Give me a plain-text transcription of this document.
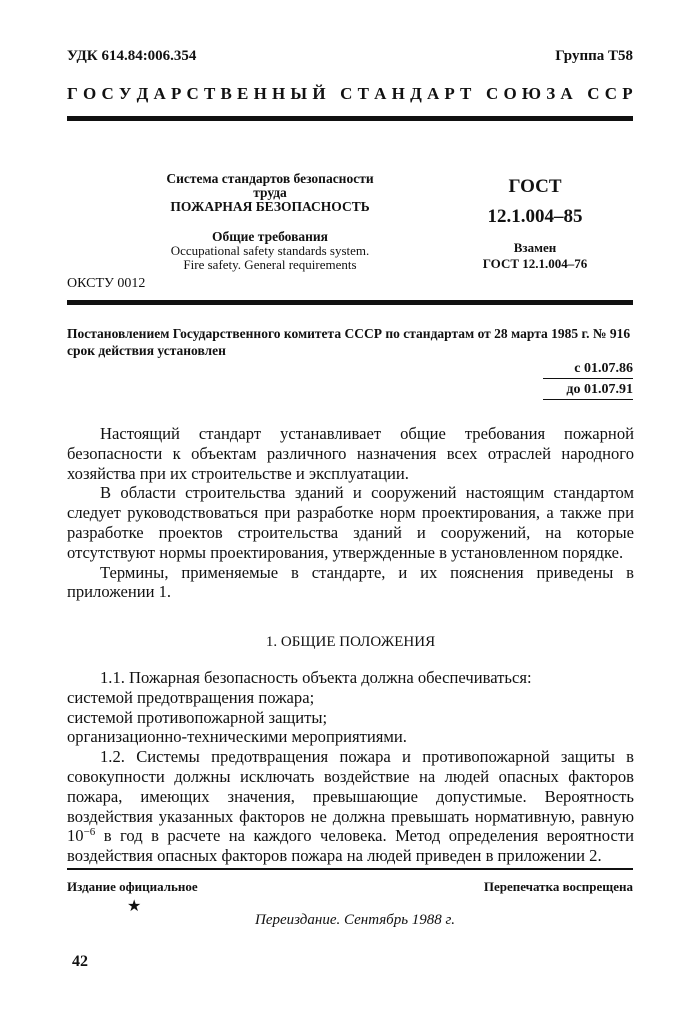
УДК 614.84:006.354	Группа Т58
Г О С У Д А Р С Т В Е Н Н Ы Й
С Т А Н Д А Р Т
С О Ю З А
С С Р
Система стандартов безопасности труда
ПОЖАРНАЯ БЕЗОПАСНОСТЬ
Общие требования
Occupational safety standards system.
Fire safety. General requirements
ГОСТ
12.1.004–85
Взамен
ГОСТ 12.1.004–76
ОКСТУ 0012
Постановлением Государственного комитета СССР по стандартам от 28 марта 1985 г. № 916 срок действия установлен
с 01.07.86
до 01.07.91

Настоящий стандарт устанавливает общие требования пожарной безопасности к объектам различного назначения всех отраслей народного хозяйства при их строительстве и эксплуатации.

В области строительства зданий и сооружений настоящим стандартом следует руководствоваться при разработке норм проектирования, а также при разработке проектов строительства зданий и сооружений, на которые отсутствуют нормы проектирования, утвержденные в установленном порядке.

Термины, применяемые в стандарте, и их пояснения приведены в приложении 1.

1. ОБЩИЕ ПОЛОЖЕНИЯ

1.1. Пожарная безопасность объекта должна обеспечиваться:

системой предотвращения пожара;
системой противопожарной защиты;
организационно-техническими мероприятиями.

1.2. Системы предотвращения пожара и противопожарной защиты в совокупности должны исключать воздействие на людей опасных факторов пожара, имеющих значения, превышающие допустимые. Вероятность воздействия указанных факторов не должна превышать нормативную, равную $10^{-6}$ в год в расчете на каждого человека. Метод определения вероятности воздействия опасных факторов пожара на людей приведен в приложении 2.

Издание официальное	Перепечатка воспрещена
★
Переиздание. Сентябрь 1988 г.
42
